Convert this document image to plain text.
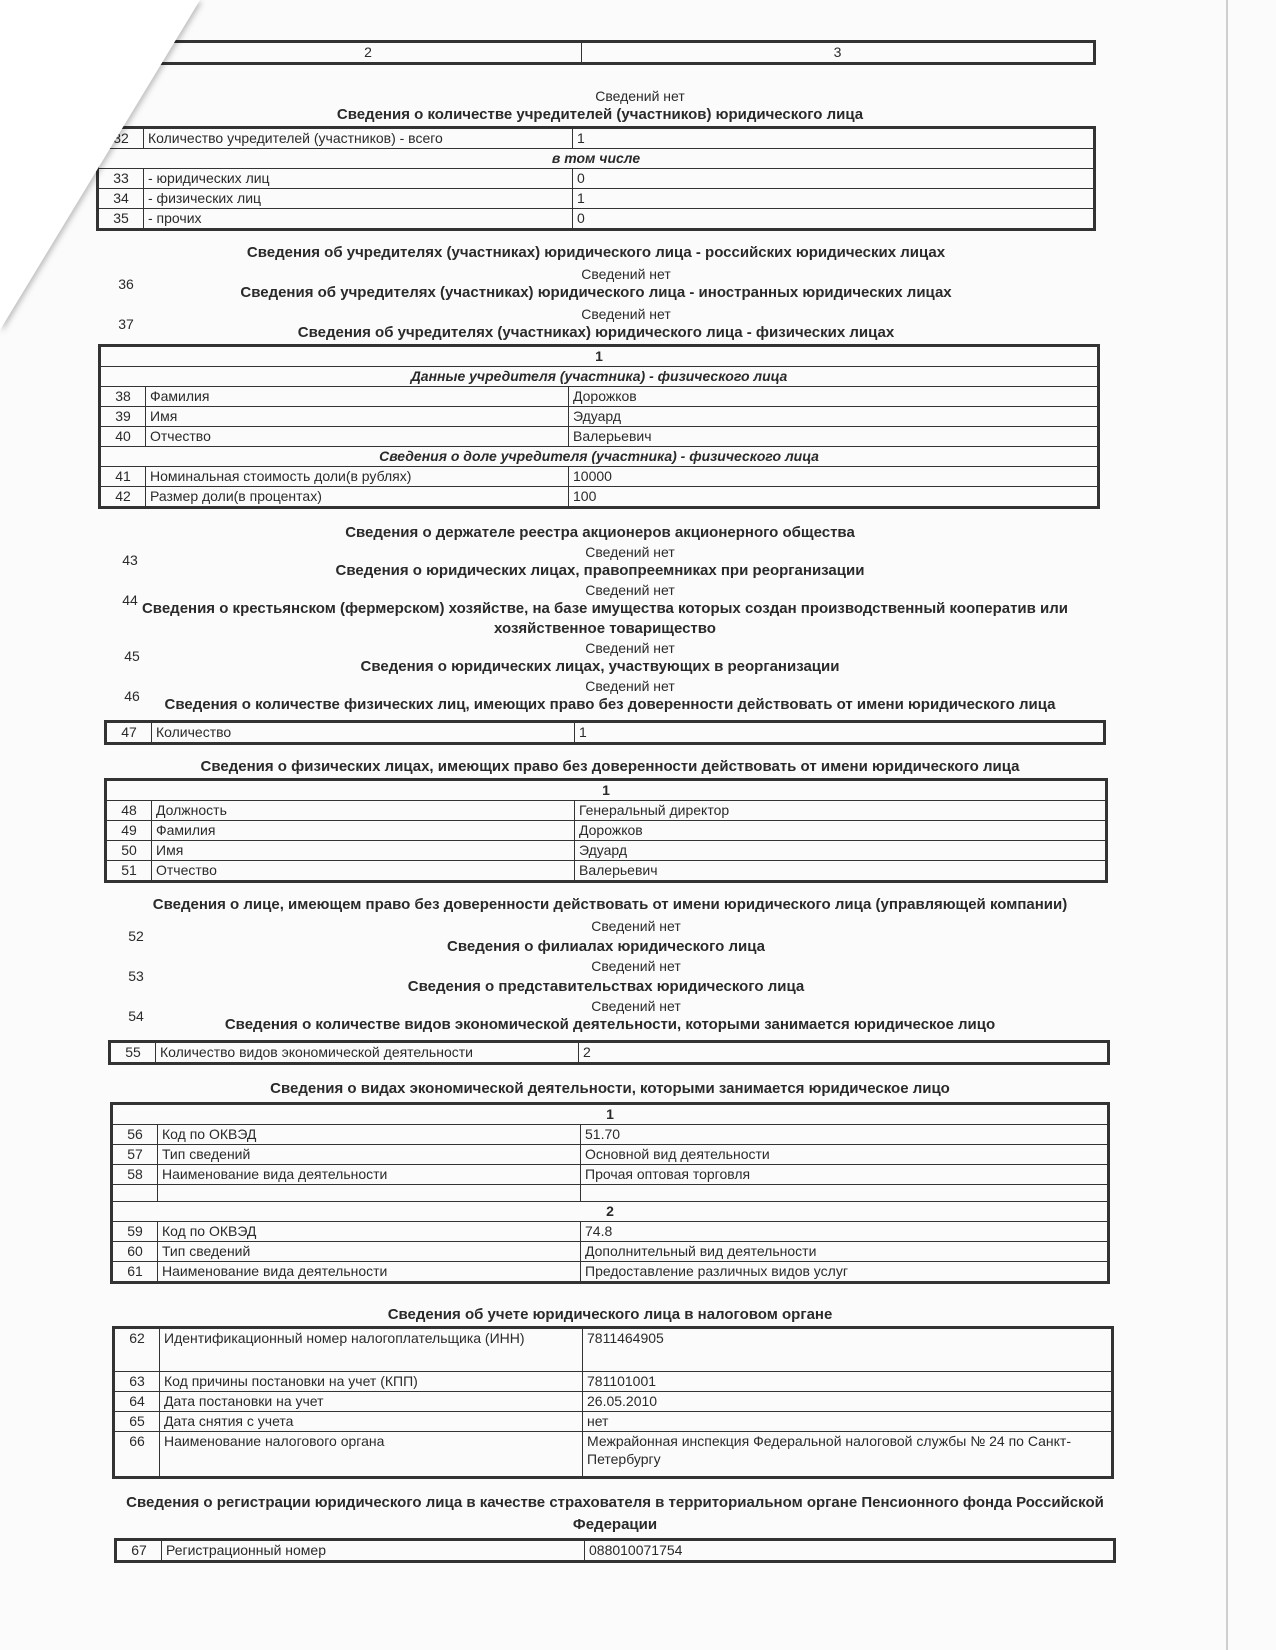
2	3
31	Сведений нет
Сведения о количестве учредителей (участников) юридического лица
32	Количество учредителей (участников) - всего	1
в том числе		
33	- юридических лиц	0
34	- физических лиц	1
35	- прочих	0
Сведения об учредителях (участниках) юридического лица - российских юридических лицах
Сведений нет
36	Сведения об учредителях (участниках) юридического лица - иностранных юридических лицах
Сведений нет
37	Сведения об учредителях (участниках) юридического лица - физических лицах
1		
Данные учредителя (участника) - физического лица		
38	Фамилия	Дорожков
39	Имя	Эдуард
40	Отчество	Валерьевич
Сведения о доле учредителя (участника) - физического лица		
41	Номинальная стоимость доли(в рублях)	10000
42	Размер доли(в процентах)	100
Сведения о держателе реестра акционеров акционерного общества
Сведений нет
43
Сведения о юридических лицах, правопреемниках при реорганизации
Сведений нет
44 Сведения о крестьянском (фермерском) хозяйстве, на базе имущества которых создан производственный кооператив или
хозяйственное товарищество
Сведений нет
45
Сведения о юридических лицах, участвующих в реорганизации
Сведений нет
46	Сведения о количестве физических лиц, имеющих право без доверенности действовать от имени юридического лица
47	Количество	1
Сведения о физических лицах, имеющих право без доверенности действовать от имени юридического лица
1		
48	Должность	Генеральный директор
49	Фамилия	Дорожков
50	Имя	Эдуард
51	Отчество	Валерьевич
Сведения о лице, имеющем право без доверенности действовать от имени юридического лица (управляющей компании)
Сведений нет
52
Сведения о филиалах юридического лица
Сведений нет
53
Сведения о представительствах юридического лица
Сведений нет
54	Сведения о количестве видов экономической деятельности, которыми занимается юридическое лицо
55	Количество видов экономической деятельности	2
Сведения о видах экономической деятельности, которыми занимается юридическое лицо
1		
56	Код по ОКВЭД	51.70
57	Тип сведений	Основной вид деятельности
58	Наименование вида деятельности	Прочая оптовая торговля

2		
59	Код по ОКВЭД	74.8
60	Тип сведений	Дополнительный вид деятельности
61	Наименование вида деятельности	Предоставление различных видов услуг
Сведения об учете юридического лица в налоговом органе
62	Идентификационный номер налогоплательщика (ИНН)	7811464905
63	Код причины постановки на учет (КПП)	781101001
64	Дата постановки на учет	26.05.2010
65	Дата снятия с учета	нет
66	Наименование налогового органа	Межрайонная инспекция Федеральной налоговой службы № 24 по Санкт-
Петербургу
Сведения о регистрации юридического лица в качестве страхователя в территориальном органе Пенсионного фонда Российской
Федерации
67	Регистрационный номер	088010071754
